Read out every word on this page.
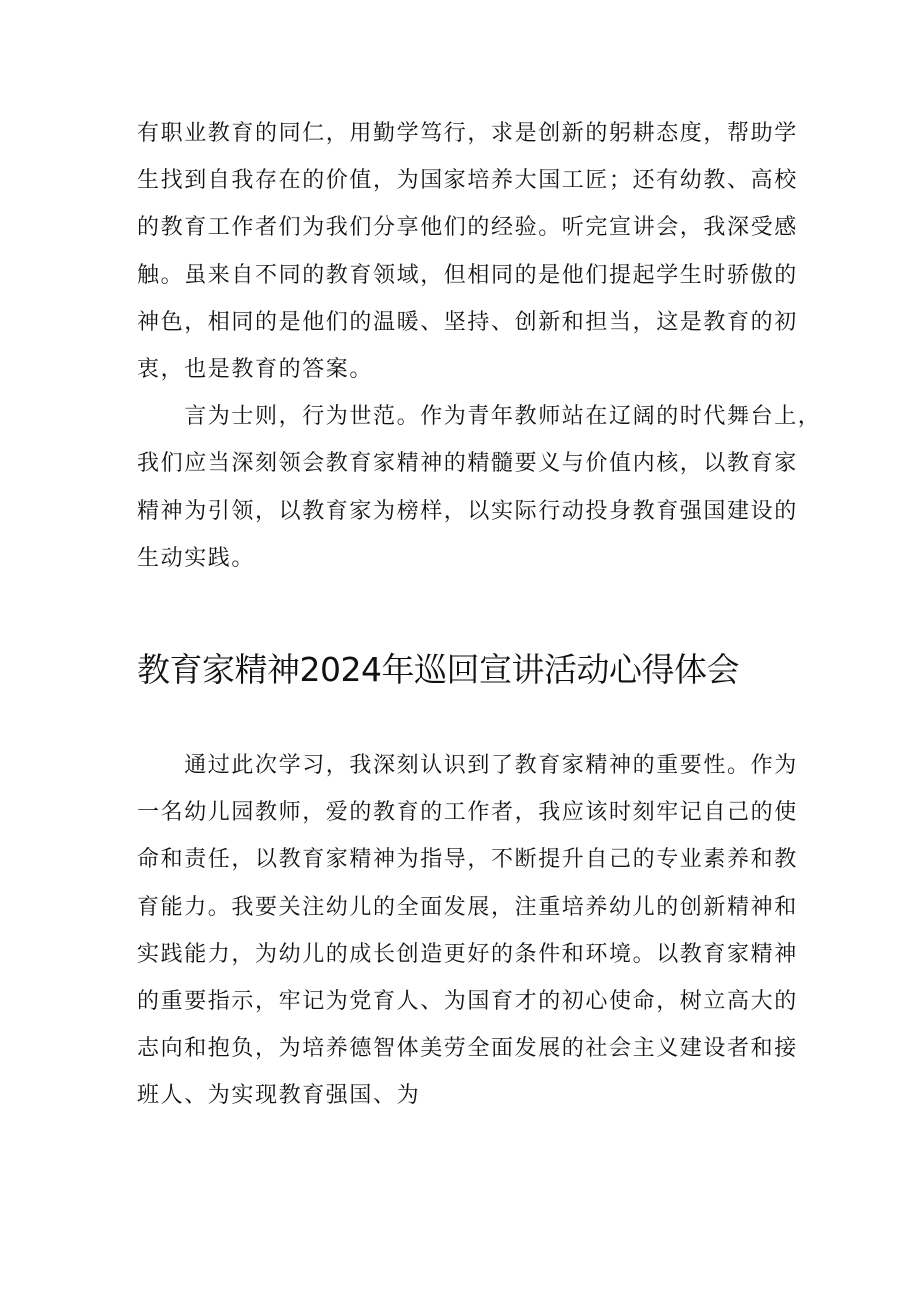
有职业教育的同仁，用勤学笃行，求是创新的躬耕态度，帮助学
生找到自我存在的价值，为国家培养大国工匠；还有幼教、高校
的教育工作者们为我们分享他们的经验。听完宣讲会，我深受感
触。虽来自不同的教育领域，但相同的是他们提起学生时骄傲的
神色，相同的是他们的温暖、坚持、创新和担当，这是教育的初
衷，也是教育的答案。
　　言为士则，行为世范。作为青年教师站在辽阔的时代舞台上，
我们应当深刻领会教育家精神的精髓要义与价值内核，以教育家
精神为引领，以教育家为榜样，以实际行动投身教育强国建设的
生动实践。
教育家精神2024年巡回宣讲活动心得体会
　　通过此次学习，我深刻认识到了教育家精神的重要性。作为
一名幼儿园教师，爱的教育的工作者，我应该时刻牢记自己的使
命和责任，以教育家精神为指导，不断提升自己的专业素养和教
育能力。我要关注幼儿的全面发展，注重培养幼儿的创新精神和
实践能力，为幼儿的成长创造更好的条件和环境。以教育家精神
的重要指示，牢记为党育人、为国育才的初心使命，树立高大的
志向和抱负，为培养德智体美劳全面发展的社会主义建设者和接
班人、为实现教育强国、为
